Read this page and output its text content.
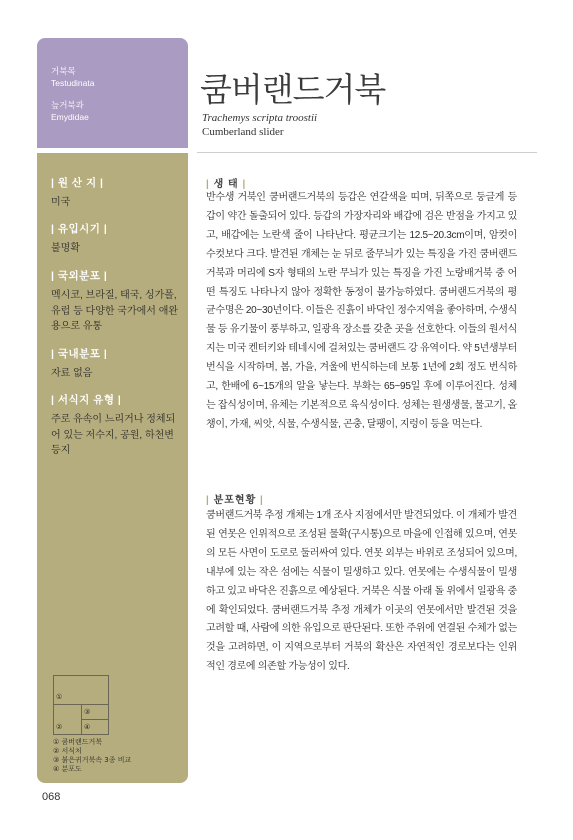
거북목
Testudinata
늪거북과
Emydidae
| 원 산 지 |
미국
| 유입시기 |
불명확
| 국외분포 |
멕시코, 브라질, 태국, 싱가폴, 유럽 등 다양한 국가에서 애완용으로 유통
| 국내분포 |
자료 없음
| 서식지 유형 |
주로 유속이 느리거나 정체되어 있는 저수지, 공원, 하천변 등지
①
②
③
④
① 쿰버랜드거북
② 서식처
③ 붉은귀거북속 3종 비교
④ 분포도
068
쿰버랜드거북
Trachemys scripta troostii
Cumberland slider
| 생 태 |
반수생 거북인 쿰버랜드거북의 등갑은 연갈색을 띠며, 뒤쪽으로 둥글게 등갑이 약간 돌출되어 있다. 등갑의 가장자리와 배갑에 검은 반점을 가지고 있고, 배갑에는 노란색 줄이 나타난다. 평균크기는 12.5~20.3cm이며, 암컷이 수컷보다 크다. 발견된 개체는 눈 뒤로 줄무늬가 있는 특징을 가진 쿰버랜드거북과 머리에 S자 형태의 노란 무늬가 있는 특징을 가진 노랑배거북 중 어떤 특징도 나타나지 않아 정확한 동정이 불가능하였다. 쿰버랜드거북의 평균수명은 20~30년이다. 이들은 진흙이 바닥인 정수지역을 좋아하며, 수생식물 등 유기물이 풍부하고, 일광욕 장소를 갖춘 곳을 선호한다. 이들의 원서식지는 미국 켄터키와 테네시에 걸쳐있는 쿰버랜드 강 유역이다. 약 5년생부터 번식을 시작하며, 봄, 가을, 겨울에 번식하는데 보통 1년에 2회 정도 번식하고, 한배에 6~15개의 알을 낳는다. 부화는 65~95일 후에 이루어진다. 성체는 잡식성이며, 유체는 기본적으로 육식성이다. 성체는 원생생물, 물고기, 올챙이, 가재, 씨앗, 식물, 수생식물, 곤충, 달팽이, 지렁이 등을 먹는다.
| 분포현황 |
쿰버랜드거북 추정 개체는 1개 조사 지점에서만 발견되었다. 이 개체가 발견된 연못은 인위적으로 조성된 물확(구시통)으로 마을에 인접해 있으며, 연못의 모든 사면이 도로로 둘러싸여 있다. 연못 외부는 바위로 조성되어 있으며, 내부에 있는 작은 섬에는 식물이 밀생하고 있다. 연못에는 수생식물이 밀생하고 있고 바닥은 진흙으로 예상된다. 거북은 식물 아래 돌 위에서 일광욕 중에 확인되었다. 쿰버랜드거북 추정 개체가 이곳의 연못에서만 발견된 것을 고려할 때, 사람에 의한 유입으로 판단된다. 또한 주위에 연결된 수체가 없는 것을 고려하면, 이 지역으로부터 거북의 확산은 자연적인 경로보다는 인위적인 경로에 의존할 가능성이 있다.
